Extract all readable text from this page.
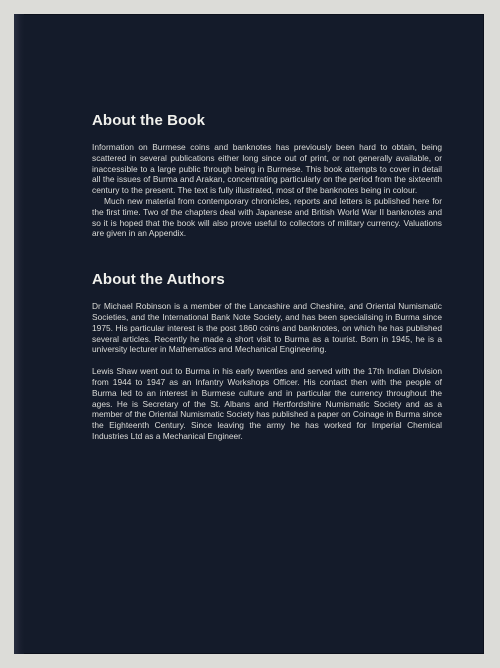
About the Book

Information on Burmese coins and banknotes has previously been hard to obtain, being scattered in several publications either long since out of print, or not generally available, or inaccessible to a large public through being in Burmese. This book attempts to cover in detail all the issues of Burma and Arakan, concentrating particularly on the period from the sixteenth century to the present. The text is fully illustrated, most of the banknotes being in colour.

Much new material from contemporary chronicles, reports and letters is published here for the first time. Two of the chapters deal with Japanese and British World War II banknotes and so it is hoped that the book will also prove useful to collectors of military currency. Valuations are given in an Appendix.

About the Authors

Dr Michael Robinson is a member of the Lancashire and Cheshire, and Oriental Numismatic Societies, and the International Bank Note Society, and has been specialising in Burma since 1975. His particular interest is the post 1860 coins and banknotes, on which he has published several articles. Recently he made a short visit to Burma as a tourist. Born in 1945, he is a university lecturer in Mathematics and Mechanical Engineering.

Lewis Shaw went out to Burma in his early twenties and served with the 17th Indian Division from 1944 to 1947 as an Infantry Workshops Officer. His contact then with the people of Burma led to an interest in Burmese culture and in particular the currency throughout the ages. He is Secretary of the St. Albans and Hertfordshire Numismatic Society and as a member of the Oriental Numismatic Society has published a paper on Coinage in Burma since the Eighteenth Century. Since leaving the army he has worked for Imperial Chemical Industries Ltd as a Mechanical Engineer.
